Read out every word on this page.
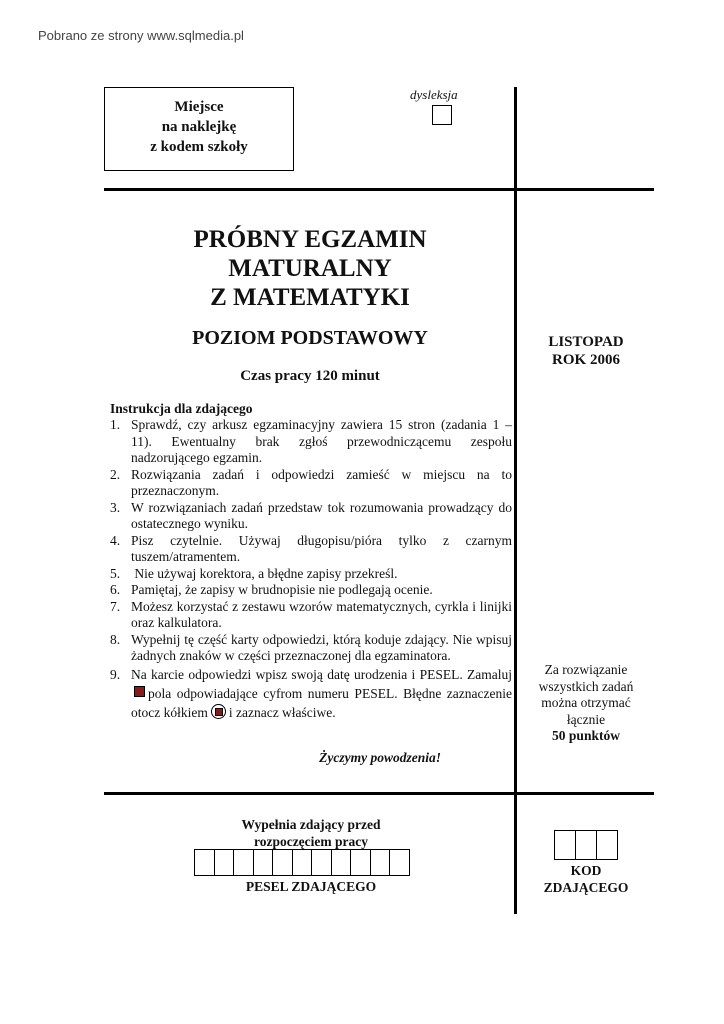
Pobrano ze strony www.sqlmedia.pl
Miejsce
na naklejkę
z kodem szkoły
dysleksja
PRÓBNY EGZAMIN
MATURALNY
Z MATEMATYKI
POZIOM PODSTAWOWY
Czas pracy 120 minut
LISTOPAD
ROK 2006
Instrukcja dla zdającego
1. Sprawdź, czy arkusz egzaminacyjny zawiera 15 stron (zadania 1 – 11). Ewentualny brak zgłoś przewodniczącemu zespołu nadzorującego egzamin.
2. Rozwiązania zadań i odpowiedzi zamieść w miejscu na to przeznaczonym.
3. W rozwiązaniach zadań przedstaw tok rozumowania prowadzący do ostatecznego wyniku.
4. Pisz czytelnie. Używaj długopisu/pióra tylko z czarnym tuszem/atramentem.
5. Nie używaj korektora, a błędne zapisy przekreśl.
6. Pamiętaj, że zapisy w brudnopisie nie podlegają ocenie.
7. Możesz korzystać z zestawu wzorów matematycznych, cyrkla i linijki oraz kalkulatora.
8. Wypełnij tę część karty odpowiedzi, którą koduje zdający. Nie wpisuj żadnych znaków w części przeznaczonej dla egzaminatora.
9. Na karcie odpowiedzi wpisz swoją datę urodzenia i PESEL. Zamalujpola odpowiadające cyfrom numeru PESEL. Błędne zaznaczenie otocz kółkiem i zaznacz właściwe.
Życzymy powodzenia!
Za rozwiązanie
wszystkich zadań
można otrzymać
łącznie
50 punktów
Wypełnia zdający przed
rozpoczęciem pracy
PESEL ZDAJĄCEGO
KOD
ZDAJĄCEGO
